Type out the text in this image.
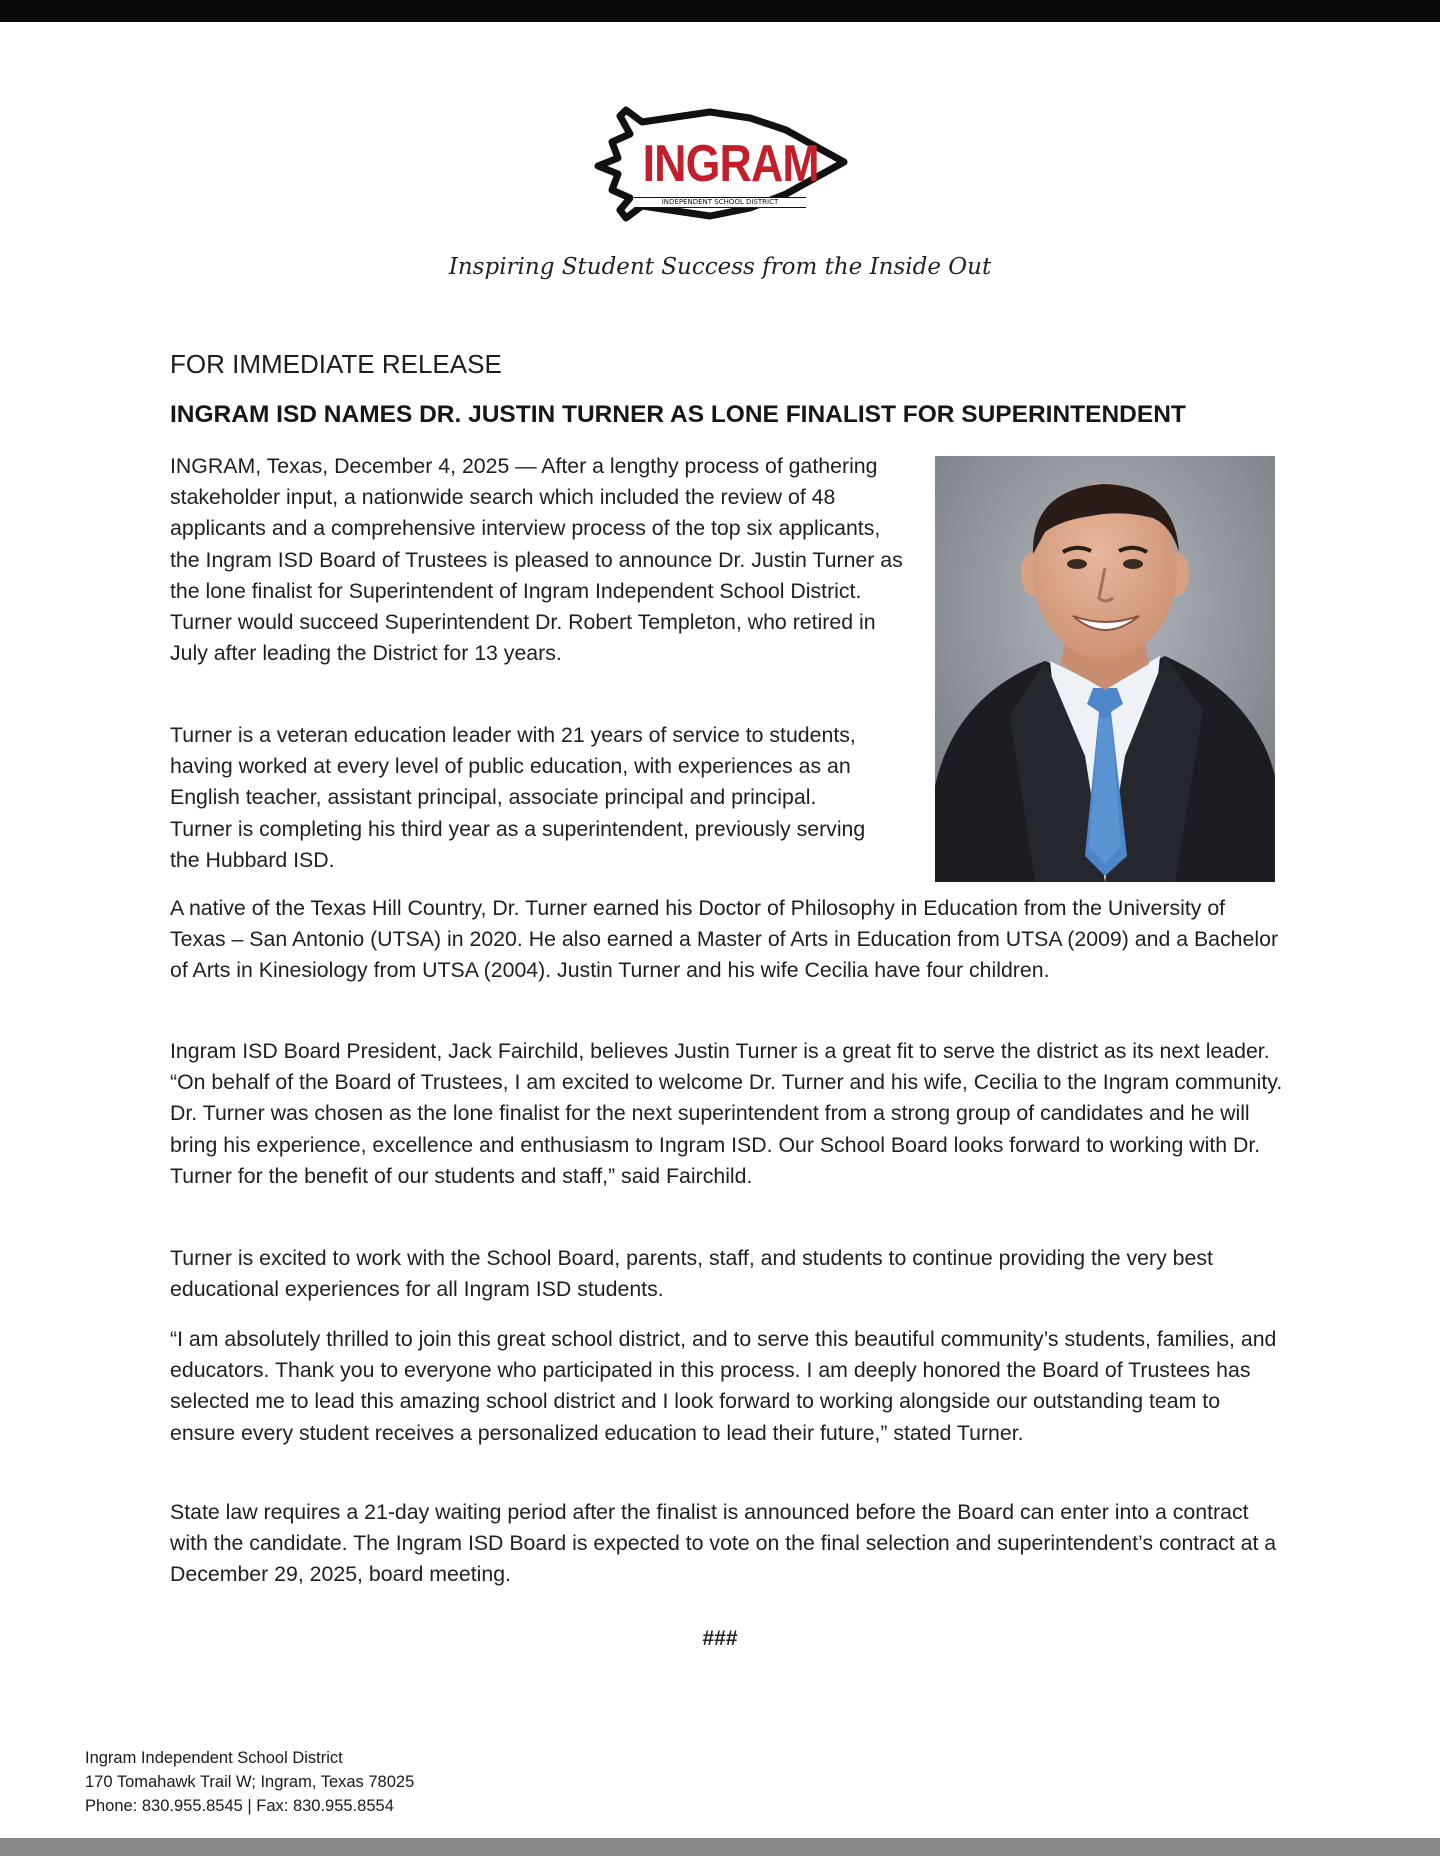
INGRAM
INDEPENDENT SCHOOL DISTRICT
Inspiring Student Success from the Inside Out
FOR IMMEDIATE RELEASE
INGRAM ISD NAMES DR. JUSTIN TURNER AS LONE FINALIST FOR SUPERINTENDENT

INGRAM, Texas, December 4, 2025 — After a lengthy process of gathering stakeholder input, a nationwide search which included the review of 48 applicants and a comprehensive interview process of the top six applicants, the Ingram ISD Board of Trustees is pleased to announce Dr. Justin Turner as the lone finalist for Superintendent of Ingram Independent School District. Turner would succeed Superintendent Dr. Robert Templeton, who retired in July after leading the District for 13 years.

Turner is a veteran education leader with 21 years of service to students, having worked at every level of public education, with experiences as an English teacher, assistant principal, associate principal and principal. Turner is completing his third year as a superintendent, previously serving the Hubbard ISD.

A native of the Texas Hill Country, Dr. Turner earned his Doctor of Philosophy in Education from the University of Texas – San Antonio (UTSA) in 2020. He also earned a Master of Arts in Education from UTSA (2009) and a Bachelor of Arts in Kinesiology from UTSA (2004). Justin Turner and his wife Cecilia have four children.

Ingram ISD Board President, Jack Fairchild, believes Justin Turner is a great fit to serve the district as its next leader. “On behalf of the Board of Trustees, I am excited to welcome Dr. Turner and his wife, Cecilia to the Ingram community. Dr. Turner was chosen as the lone finalist for the next superintendent from a strong group of candidates and he will bring his experience, excellence and enthusiasm to Ingram ISD. Our School Board looks forward to working with Dr. Turner for the benefit of our students and staff,” said Fairchild.

Turner is excited to work with the School Board, parents, staff, and students to continue providing the very best educational experiences for all Ingram ISD students.

“I am absolutely thrilled to join this great school district, and to serve this beautiful community’s students, families, and educators. Thank you to everyone who participated in this process. I am deeply honored the Board of Trustees has selected me to lead this amazing school district and I look forward to working alongside our outstanding team to ensure every student receives a personalized education to lead their future,” stated Turner.

State law requires a 21-day waiting period after the finalist is announced before the Board can enter into a contract with the candidate. The Ingram ISD Board is expected to vote on the final selection and superintendent’s contract at a December 29, 2025, board meeting.

###
Ingram Independent School District
170 Tomahawk Trail W; Ingram, Texas 78025
Phone: 830.955.8545 | Fax: 830.955.8554
